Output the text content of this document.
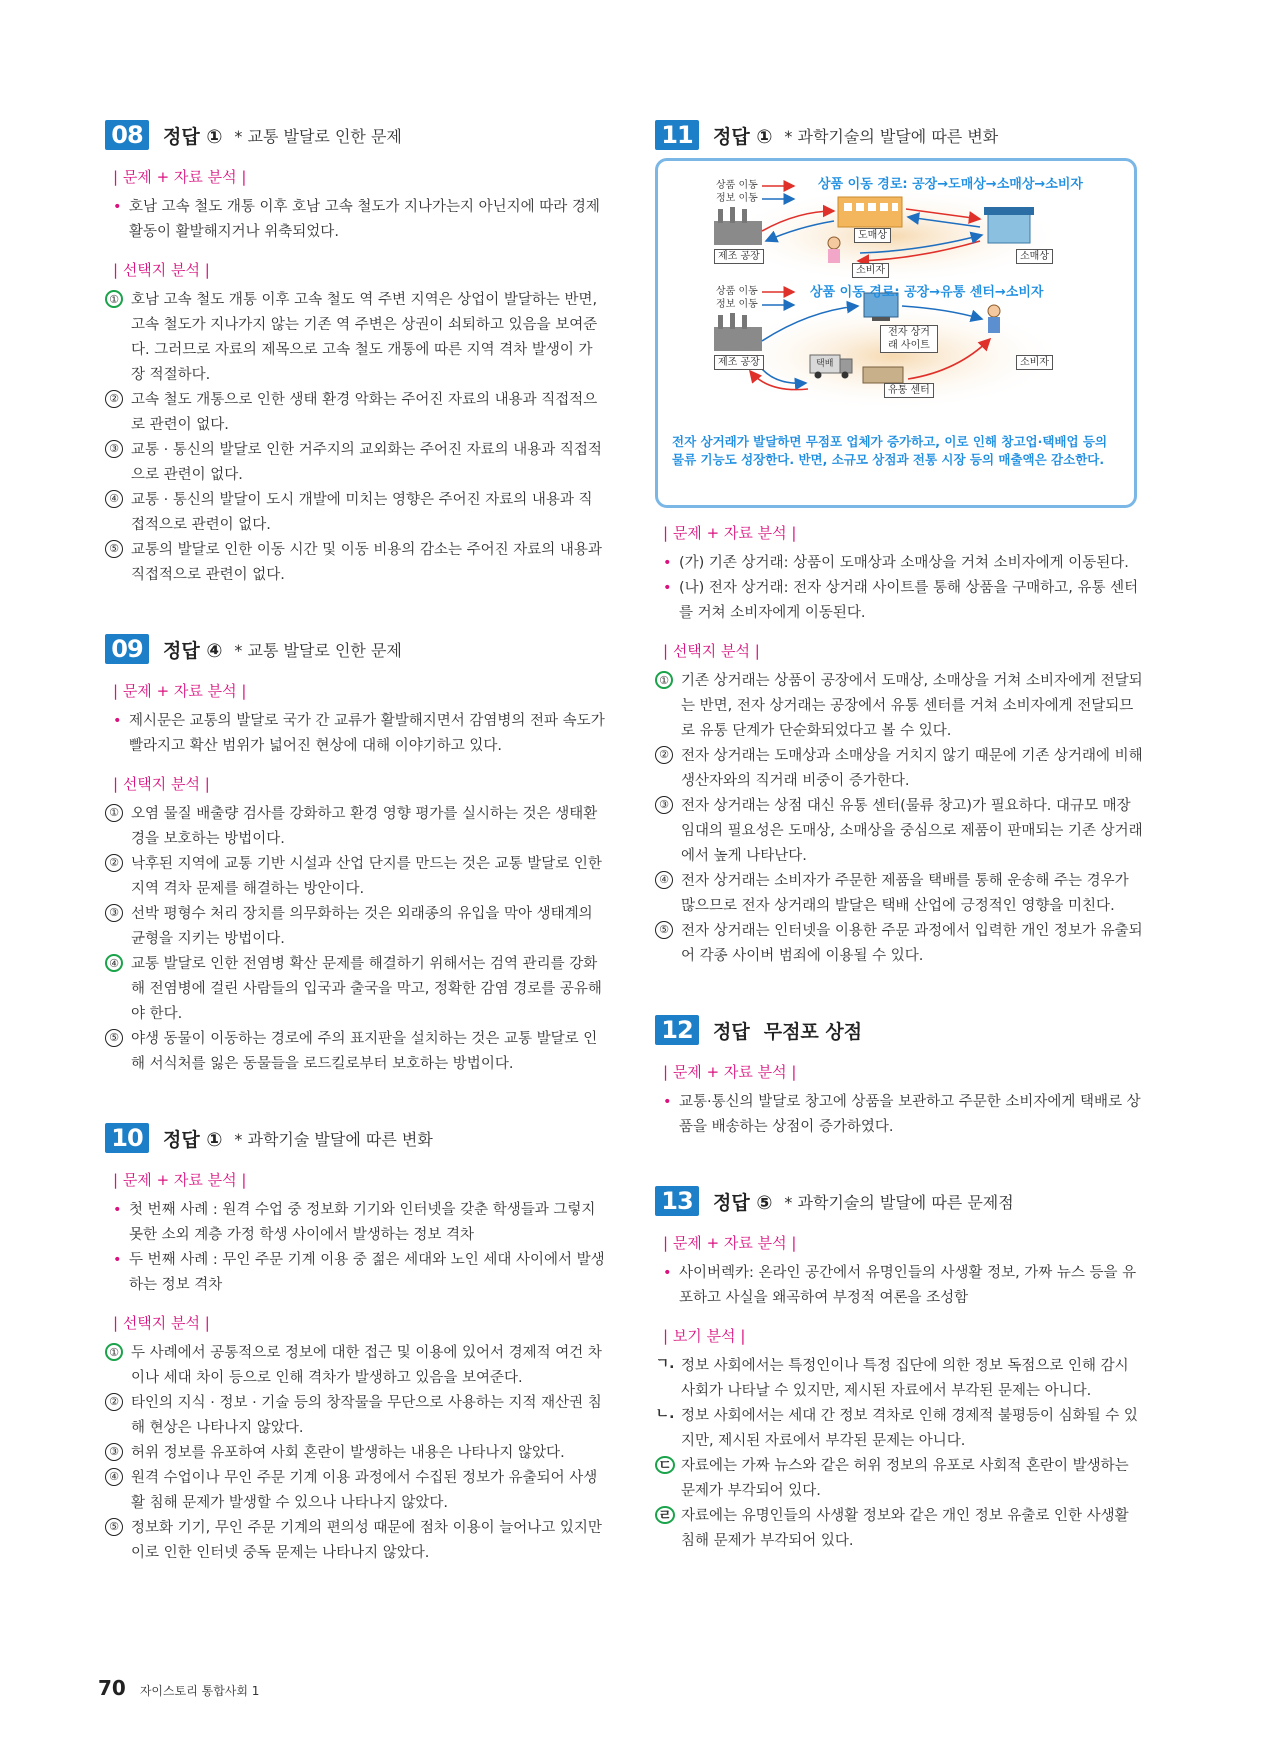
08	정답 ① * 교통 발달로 인한 문제
| 문제 + 자료 분석 |
• 호남 고속 철도 개통 이후 호남 고속 철도가 지나가는지 아닌지에 따라 경제 활동이 활발해지거나 위축되었다.
| 선택지 분석 |
① 호남 고속 철도 개통 이후 고속 철도 역 주변 지역은 상업이 발달하는 반면, 고속 철도가 지나가지 않는 기존 역 주변은 상권이 쇠퇴하고 있음을 보여준다. 그러므로 자료의 제목으로 고속 철도 개통에 따른 지역 격차 발생이 가장 적절하다.
② 고속 철도 개통으로 인한 생태 환경 악화는 주어진 자료의 내용과 직접적으로 관련이 없다.
③ 교통 · 통신의 발달로 인한 거주지의 교외화는 주어진 자료의 내용과 직접적으로 관련이 없다.
④ 교통 · 통신의 발달이 도시 개발에 미치는 영향은 주어진 자료의 내용과 직접적으로 관련이 없다.
⑤ 교통의 발달로 인한 이동 시간 및 이동 비용의 감소는 주어진 자료의 내용과 직접적으로 관련이 없다.
09	정답 ④ * 교통 발달로 인한 문제
| 문제 + 자료 분석 |
• 제시문은 교통의 발달로 국가 간 교류가 활발해지면서 감염병의 전파 속도가 빨라지고 확산 범위가 넓어진 현상에 대해 이야기하고 있다.
| 선택지 분석 |
① 오염 물질 배출량 검사를 강화하고 환경 영향 평가를 실시하는 것은 생태환경을 보호하는 방법이다.
② 낙후된 지역에 교통 기반 시설과 산업 단지를 만드는 것은 교통 발달로 인한 지역 격차 문제를 해결하는 방안이다.
③ 선박 평형수 처리 장치를 의무화하는 것은 외래종의 유입을 막아 생태계의 균형을 지키는 방법이다.
④ 교통 발달로 인한 전염병 확산 문제를 해결하기 위해서는 검역 관리를 강화해 전염병에 걸린 사람들의 입국과 출국을 막고, 정확한 감염 경로를 공유해야 한다.
⑤ 야생 동물이 이동하는 경로에 주의 표지판을 설치하는 것은 교통 발달로 인해 서식처를 잃은 동물들을 로드킬로부터 보호하는 방법이다.
10	정답 ① * 과학기술 발달에 따른 변화
| 문제 + 자료 분석 |
• 첫 번째 사례 : 원격 수업 중 정보화 기기와 인터넷을 갖춘 학생들과 그렇지 못한 소외 계층 가정 학생 사이에서 발생하는 정보 격차
• 두 번째 사례 : 무인 주문 기계 이용 중 젊은 세대와 노인 세대 사이에서 발생하는 정보 격차
| 선택지 분석 |
① 두 사례에서 공통적으로 정보에 대한 접근 및 이용에 있어서 경제적 여건 차이나 세대 차이 등으로 인해 격차가 발생하고 있음을 보여준다.
② 타인의 지식 · 정보 · 기술 등의 창작물을 무단으로 사용하는 지적 재산권 침해 현상은 나타나지 않았다.
③ 허위 정보를 유포하여 사회 혼란이 발생하는 내용은 나타나지 않았다.
④ 원격 수업이나 무인 주문 기계 이용 과정에서 수집된 정보가 유출되어 사생활 침해 문제가 발생할 수 있으나 나타나지 않았다.
⑤ 정보화 기기, 무인 주문 기계의 편의성 때문에 점차 이용이 늘어나고 있지만 이로 인한 인터넷 중독 문제는 나타나지 않았다.
11	정답 ① * 과학기술의 발달에 따른 변화
상품 이동
정보 이동
상품 이동 경로: 공장→도매상→소매상→소비자
제조 공장
도매상
소매상
소비자
상품 이동
정보 이동
상품 이동 경로: 공장→유통 센터→소비자
제조 공장
전자 상거래 사이트
소비자
유통 센터
택배
전자 상거래가 발달하면 무점포 업체가 증가하고, 이로 인해 창고업·택배업 등의 물류 기능도 성장한다. 반면, 소규모 상점과 전통 시장 등의 매출액은 감소한다.
| 문제 + 자료 분석 |
• (가) 기존 상거래: 상품이 도매상과 소매상을 거쳐 소비자에게 이동된다.
• (나) 전자 상거래: 전자 상거래 사이트를 통해 상품을 구매하고, 유통 센터를 거쳐 소비자에게 이동된다.
| 선택지 분석 |
① 기존 상거래는 상품이 공장에서 도매상, 소매상을 거쳐 소비자에게 전달되는 반면, 전자 상거래는 공장에서 유통 센터를 거쳐 소비자에게 전달되므로 유통 단계가 단순화되었다고 볼 수 있다.
② 전자 상거래는 도매상과 소매상을 거치지 않기 때문에 기존 상거래에 비해 생산자와의 직거래 비중이 증가한다.
③ 전자 상거래는 상점 대신 유통 센터(물류 창고)가 필요하다. 대규모 매장 임대의 필요성은 도매상, 소매상을 중심으로 제품이 판매되는 기존 상거래에서 높게 나타난다.
④ 전자 상거래는 소비자가 주문한 제품을 택배를 통해 운송해 주는 경우가 많으므로 전자 상거래의 발달은 택배 산업에 긍정적인 영향을 미친다.
⑤ 전자 상거래는 인터넷을 이용한 주문 과정에서 입력한 개인 정보가 유출되어 각종 사이버 범죄에 이용될 수 있다.
12	정답 무점포 상점
| 문제 + 자료 분석 |
• 교통·통신의 발달로 창고에 상품을 보관하고 주문한 소비자에게 택배로 상품을 배송하는 상점이 증가하였다.
13	정답 ⑤ * 과학기술의 발달에 따른 문제점
| 문제 + 자료 분석 |
• 사이버렉카: 온라인 공간에서 유명인들의 사생활 정보, 가짜 뉴스 등을 유포하고 사실을 왜곡하여 부정적 여론을 조성함
| 보기 분석 |
ㄱ. 정보 사회에서는 특정인이나 특정 집단에 의한 정보 독점으로 인해 감시 사회가 나타날 수 있지만, 제시된 자료에서 부각된 문제는 아니다.
ㄴ. 정보 사회에서는 세대 간 정보 격차로 인해 경제적 불평등이 심화될 수 있지만, 제시된 자료에서 부각된 문제는 아니다.
ㄷ 자료에는 가짜 뉴스와 같은 허위 정보의 유포로 사회적 혼란이 발생하는 문제가 부각되어 있다.
ㄹ 자료에는 유명인들의 사생활 정보와 같은 개인 정보 유출로 인한 사생활 침해 문제가 부각되어 있다.
70 자이스토리 통합사회 1
